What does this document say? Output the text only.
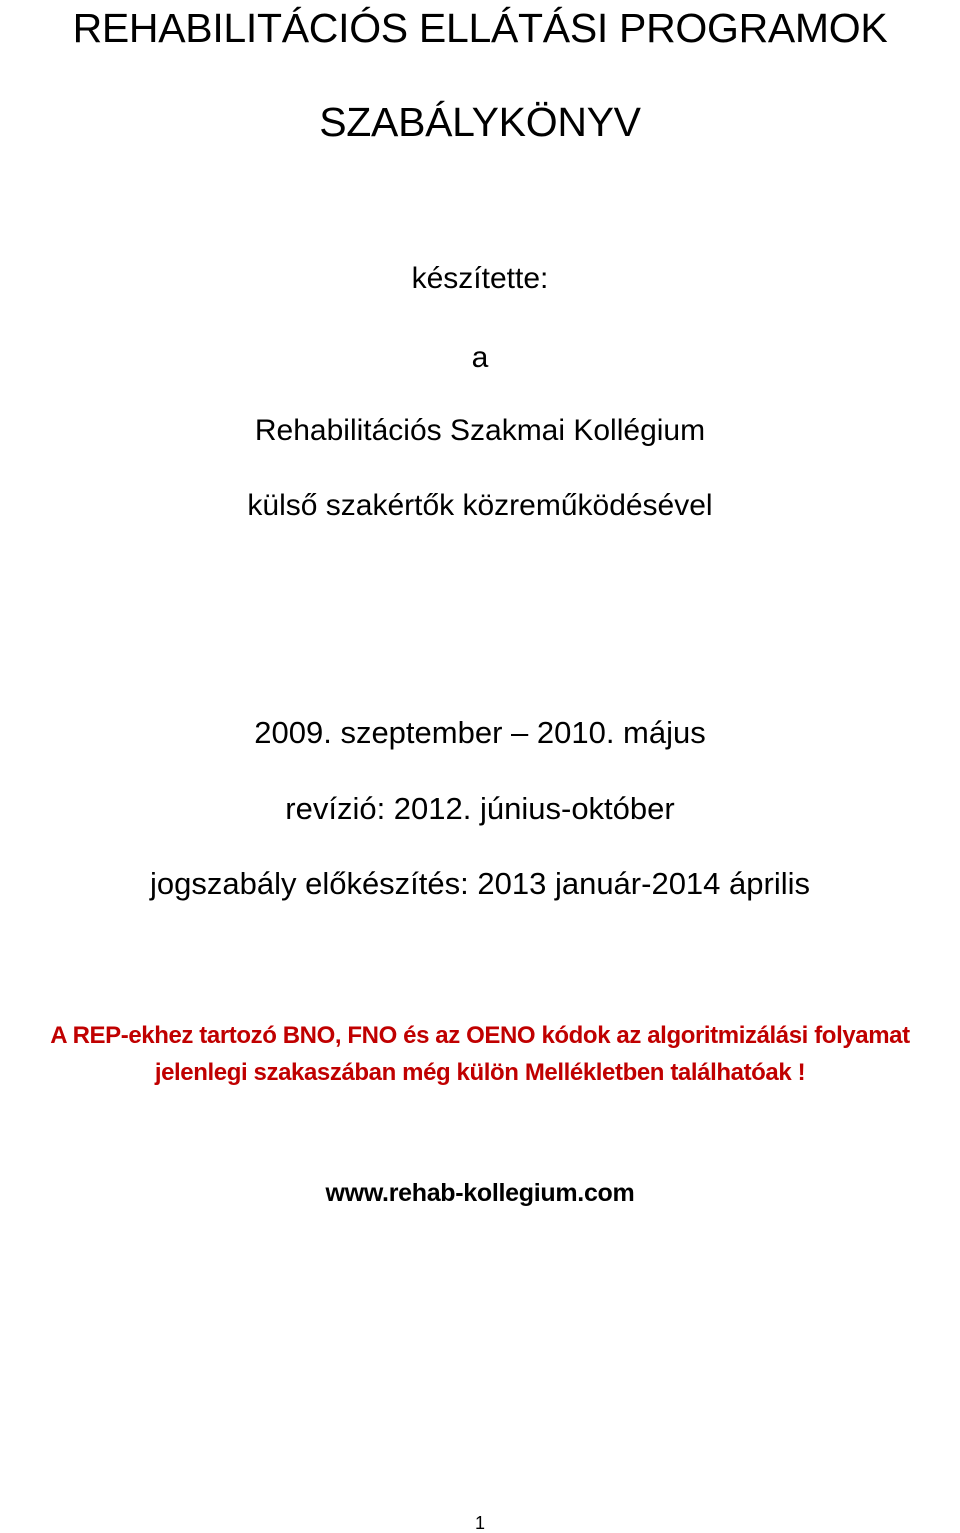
REHABILITÁCIÓS ELLÁTÁSI PROGRAMOK
SZABÁLYKÖNYV
készítette:
a
Rehabilitációs Szakmai Kollégium
külső szakértők közreműködésével
2009. szeptember – 2010. május
revízió: 2012. június-október
jogszabály előkészítés: 2013 január-2014 április
A REP-ekhez tartozó BNO, FNO és az OENO kódok az algoritmizálási folyamat
jelenlegi szakaszában még külön Mellékletben találhatóak !
www.rehab-kollegium.com
1
